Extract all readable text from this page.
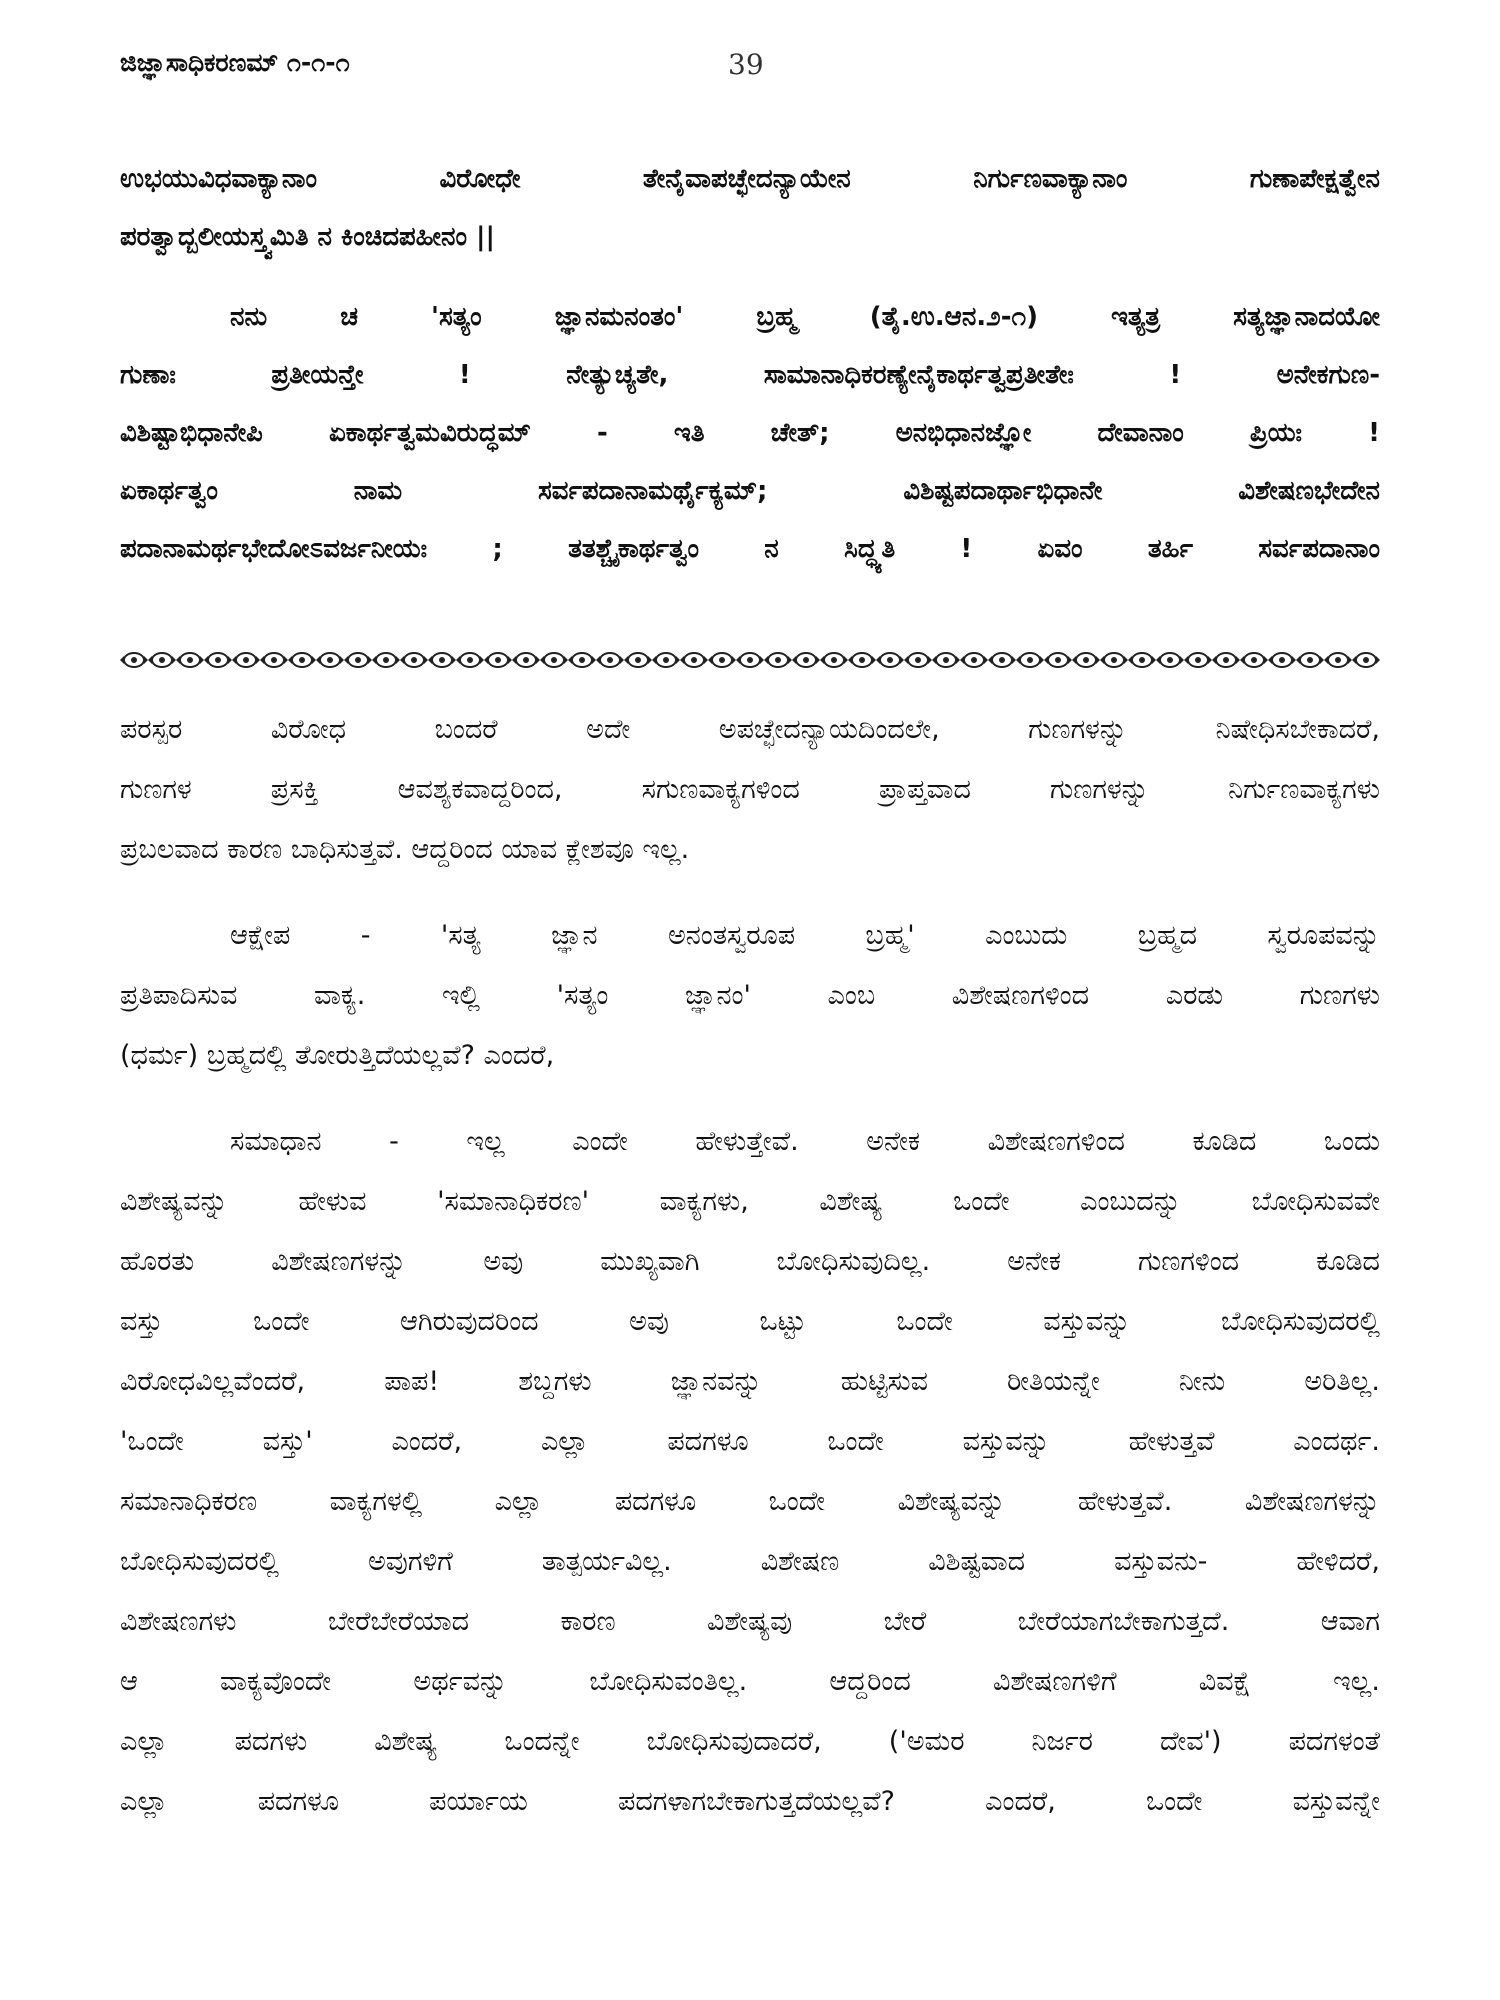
ಜಿಜ್ಞಾಸಾಧಿಕರಣಮ್ ೧-೧-೧	39
ಉಭಯುವಿಧವಾಕ್ಯಾನಾಂ ವಿರೋಧೇ ತೇನೈವಾಪಚ್ಛೇದನ್ಯಾಯೇನ ನಿರ್ಗುಣವಾಕ್ಯಾನಾಂ ಗುಣಾಪೇಕ್ಷತ್ವೇನ
ಪರತ್ವಾದ್ಬಲೀಯಸ್ತ್ವಮಿತಿ ನ ಕಿಂಚಿದಪಹೀನಂ ||
ನನು ಚ 'ಸತ್ಯಂ ಜ್ಞಾನಮನಂತಂ' ಬ್ರಹ್ಮ (ತೈ.ಉ.ಆನ.೨-೧) ಇತ್ಯತ್ರ ಸತ್ಯಜ್ಞಾನಾದಯೋ
ಗುಣಾಃ ಪ್ರತೀಯನ್ತೇ ! ನೇತ್ಯುಚ್ಯತೇ, ಸಾಮಾನಾಧಿಕರಣ್ಯೇನೈಕಾರ್ಥತ್ವಪ್ರತೀತೇಃ ! ಅನೇಕಗುಣ-
ವಿಶಿಷ್ಟಾಭಿಧಾನೇಪಿ ಏಕಾರ್ಥತ್ವಮವಿರುದ್ಧಮ್ - ಇತಿ ಚೇತ್; ಅನಭಿಧಾನಜ್ಞೋ ದೇವಾನಾಂ ಪ್ರಿಯಃ !
ಏಕಾರ್ಥತ್ವಂ ನಾಮ ಸರ್ವಪದಾನಾಮರ್ಥೈಕ್ಯಮ್; ವಿಶಿಷ್ಟಪದಾರ್ಥಾಭಿಧಾನೇ ವಿಶೇಷಣಭೇದೇನ
ಪದಾನಾಮರ್ಥಭೇದೋಽವರ್ಜನೀಯಃ ; ತತಶ್ಚೈಕಾರ್ಥತ್ವಂ ನ ಸಿದ್ಧ್ಯತಿ ! ಏವಂ ತರ್ಹಿ ಸರ್ವಪದಾನಾಂ
ಪರಸ್ಪರ ವಿರೋಧ ಬಂದರೆ ಅದೇ ಅಪಚ್ಛೇದನ್ಯಾಯದಿಂದಲೇ, ಗುಣಗಳನ್ನು ನಿಷೇಧಿಸಬೇಕಾದರೆ,
ಗುಣಗಳ ಪ್ರಸಕ್ತಿ ಆವಶ್ಯಕವಾದ್ದರಿಂದ, ಸಗುಣವಾಕ್ಯಗಳಿಂದ ಪ್ರಾಪ್ತವಾದ ಗುಣಗಳನ್ನು ನಿರ್ಗುಣವಾಕ್ಯಗಳು
ಪ್ರಬಲವಾದ ಕಾರಣ ಬಾಧಿಸುತ್ತವೆ. ಆದ್ದರಿಂದ ಯಾವ ಕ್ಲೇಶವೂ ಇಲ್ಲ.
ಆಕ್ಷೇಪ - 'ಸತ್ಯ ಜ್ಞಾನ ಅನಂತಸ್ವರೂಪ ಬ್ರಹ್ಮ' ಎಂಬುದು ಬ್ರಹ್ಮದ ಸ್ವರೂಪವನ್ನು
ಪ್ರತಿಪಾದಿಸುವ ವಾಕ್ಯ. ಇಲ್ಲಿ 'ಸತ್ಯಂ ಜ್ಞಾನಂ' ಎಂಬ ವಿಶೇಷಣಗಳಿಂದ ಎರಡು ಗುಣಗಳು
(ಧರ್ಮ) ಬ್ರಹ್ಮದಲ್ಲಿ ತೋರುತ್ತಿದೆಯಲ್ಲವೆ? ಎಂದರೆ,
ಸಮಾಧಾನ - ಇಲ್ಲ ಎಂದೇ ಹೇಳುತ್ತೇವೆ. ಅನೇಕ ವಿಶೇಷಣಗಳಿಂದ ಕೂಡಿದ ಒಂದು
ವಿಶೇಷ್ಯವನ್ನು ಹೇಳುವ 'ಸಮಾನಾಧಿಕರಣ' ವಾಕ್ಯಗಳು, ವಿಶೇಷ್ಯ ಒಂದೇ ಎಂಬುದನ್ನು ಬೋಧಿಸುವವೇ
ಹೊರತು ವಿಶೇಷಣಗಳನ್ನು ಅವು ಮುಖ್ಯವಾಗಿ ಬೋಧಿಸುವುದಿಲ್ಲ. ಅನೇಕ ಗುಣಗಳಿಂದ ಕೂಡಿದ
ವಸ್ತು ಒಂದೇ ಆಗಿರುವುದರಿಂದ ಅವು ಒಟ್ಟು ಒಂದೇ ವಸ್ತುವನ್ನು ಬೋಧಿಸುವುದರಲ್ಲಿ
ವಿರೋಧವಿಲ್ಲವೆಂದರೆ, ಪಾಪ! ಶಬ್ದಗಳು ಜ್ಞಾನವನ್ನು ಹುಟ್ಟಿಸುವ ರೀತಿಯನ್ನೇ ನೀನು ಅರಿತಿಲ್ಲ.
'ಒಂದೇ ವಸ್ತು' ಎಂದರೆ, ಎಲ್ಲಾ ಪದಗಳೂ ಒಂದೇ ವಸ್ತುವನ್ನು ಹೇಳುತ್ತವೆ ಎಂದರ್ಥ.
ಸಮಾನಾಧಿಕರಣ ವಾಕ್ಯಗಳಲ್ಲಿ ಎಲ್ಲಾ ಪದಗಳೂ ಒಂದೇ ವಿಶೇಷ್ಯವನ್ನು ಹೇಳುತ್ತವೆ. ವಿಶೇಷಣಗಳನ್ನು
ಬೋಧಿಸುವುದರಲ್ಲಿ ಅವುಗಳಿಗೆ ತಾತ್ಪರ್ಯವಿಲ್ಲ. ವಿಶೇಷಣ ವಿಶಿಷ್ಟವಾದ ವಸ್ತುವನು- ಹೇಳಿದರೆ,
ವಿಶೇಷಣಗಳು ಬೇರೆಬೇರೆಯಾದ ಕಾರಣ ವಿಶೇಷ್ಯವು ಬೇರೆ ಬೇರೆಯಾಗಬೇಕಾಗುತ್ತದೆ. ಆವಾಗ
ಆ ವಾಕ್ಯವೊಂದೇ ಅರ್ಥವನ್ನು ಬೋಧಿಸುವಂತಿಲ್ಲ. ಆದ್ದರಿಂದ ವಿಶೇಷಣಗಳಿಗೆ ವಿವಕ್ಷೆ ಇಲ್ಲ.
ಎಲ್ಲಾ ಪದಗಳು ವಿಶೇಷ್ಯ ಒಂದನ್ನೇ ಬೋಧಿಸುವುದಾದರೆ, ('ಅಮರ ನಿರ್ಜರ ದೇವ') ಪದಗಳಂತೆ
ಎಲ್ಲಾ ಪದಗಳೂ ಪರ್ಯಾಯ ಪದಗಳಾಗಬೇಕಾಗುತ್ತದೆಯಲ್ಲವೆ? ಎಂದರೆ, ಒಂದೇ ವಸ್ತುವನ್ನೇ
